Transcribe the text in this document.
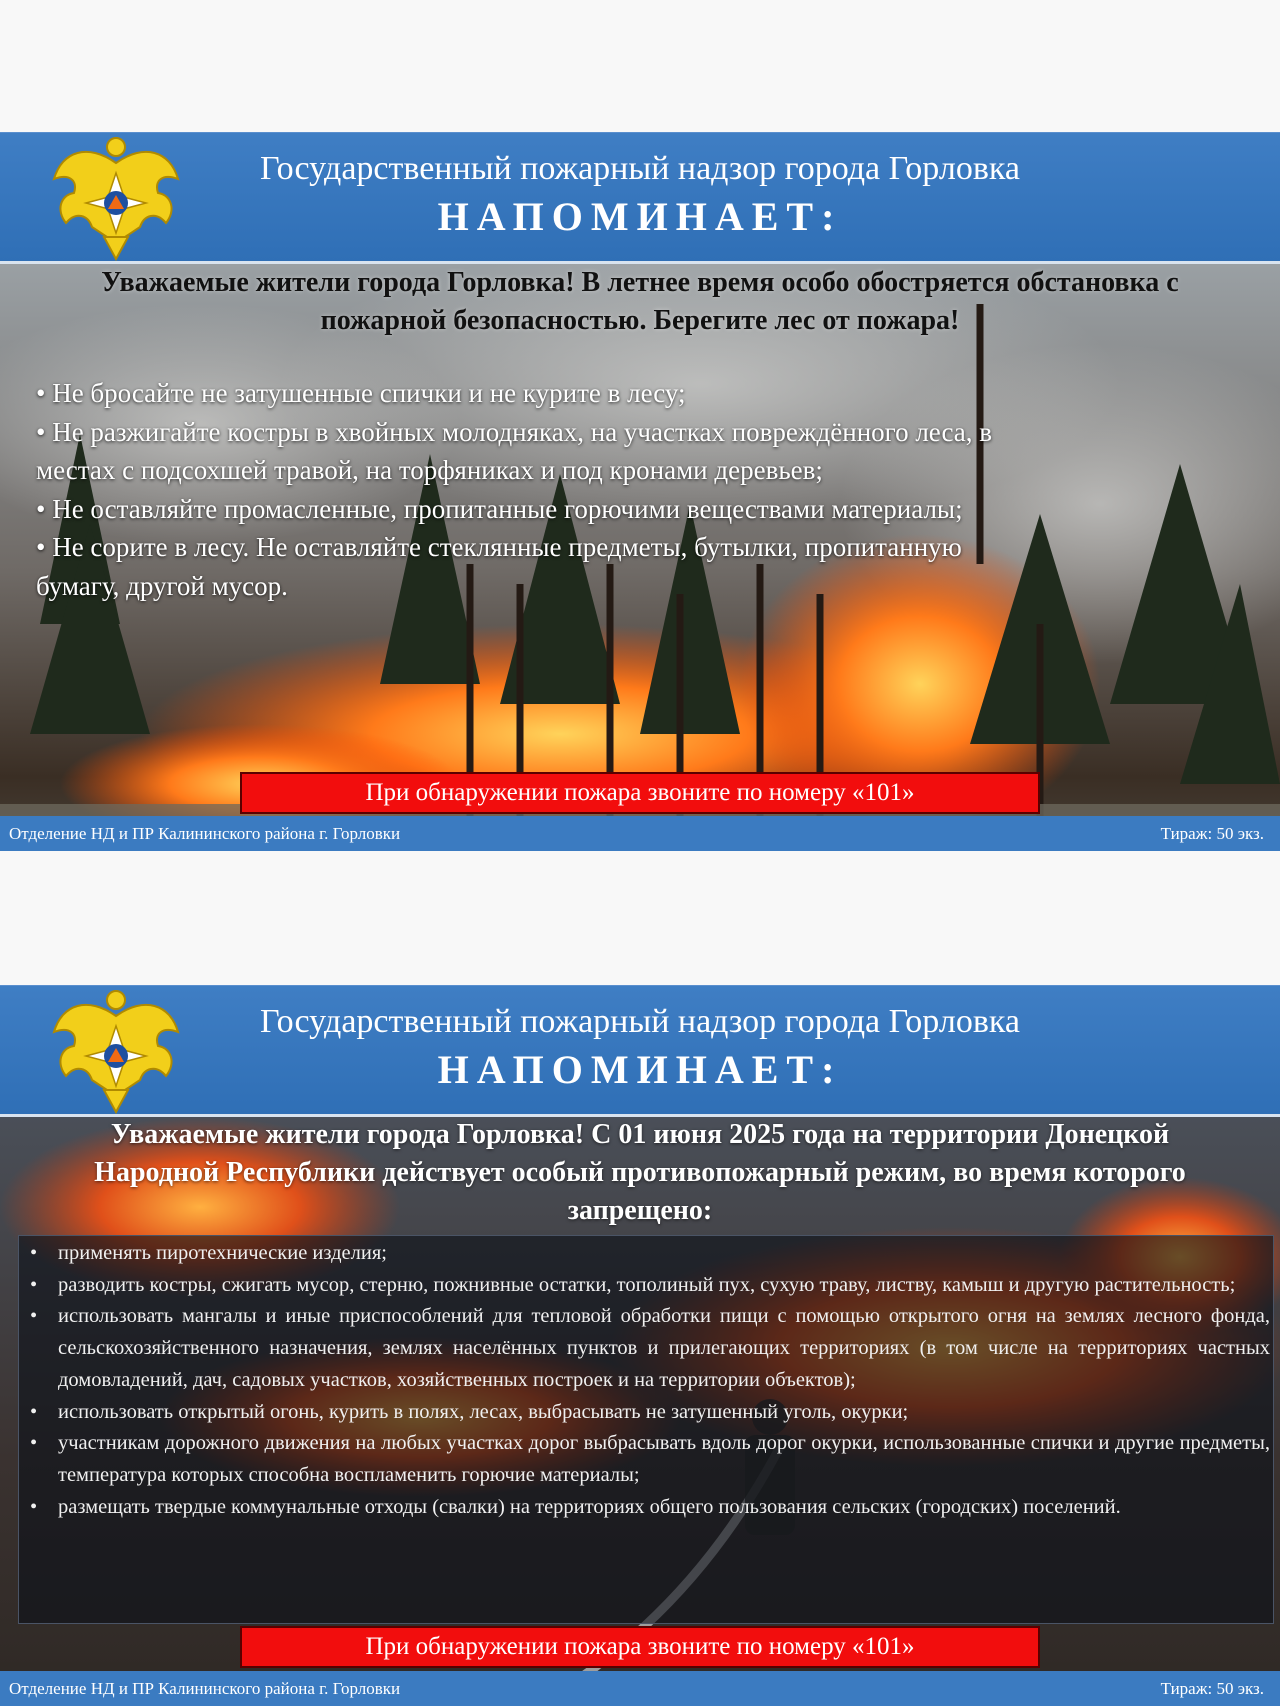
Государственный пожарный надзор города Горловка
НАПОМИНАЕТ:
Уважаемые жители города Горловка! В летнее время особо обостряется обстановка с пожарной безопасностью. Берегите лес от пожара!
• Не бросайте не затушенные спички и не курите в лесу;
• Не разжигайте костры в хвойных молодняках, на участках повреждённого леса, в местах с подсохшей травой, на торфяниках и под кронами деревьев;
• Не оставляйте промасленные, пропитанные горючими веществами материалы;
• Не сорите в лесу. Не оставляйте стеклянные предметы, бутылки, пропитанную бумагу, другой мусор.
При обнаружении пожара звоните по номеру «101»
Отделение НД и ПР Калининского района г. Горловки	Тираж: 50 экз.
Государственный пожарный надзор города Горловка
НАПОМИНАЕТ:
Уважаемые жители города Горловка! С 01 июня 2025 года на территории Донецкой Народной Республики действует особый противопожарный режим, во время которого запрещено:
• применять пиротехнические изделия;
• разводить костры, сжигать мусор, стерню, пожнивные остатки, тополиный пух, сухую траву, листву, камыш и другую растительность;
• использовать мангалы и иные приспособлений для тепловой обработки пищи с помощью открытого огня на землях лесного фонда, сельскохозяйственного назначения, землях населённых пунктов и прилегающих территориях (в том числе на территориях частных домовладений, дач, садовых участков, хозяйственных построек и на территории объектов);
• использовать открытый огонь, курить в полях, лесах, выбрасывать не затушенный уголь, окурки;
• участникам дорожного движения на любых участках дорог выбрасывать вдоль дорог окурки, использованные спички и другие предметы, температура которых способна воспламенить горючие материалы;
• размещать твердые коммунальные отходы (свалки) на территориях общего пользования сельских (городских) поселений.
При обнаружении пожара звоните по номеру «101»
Отделение НД и ПР Калининского района г. Горловки	Тираж: 50 экз.
